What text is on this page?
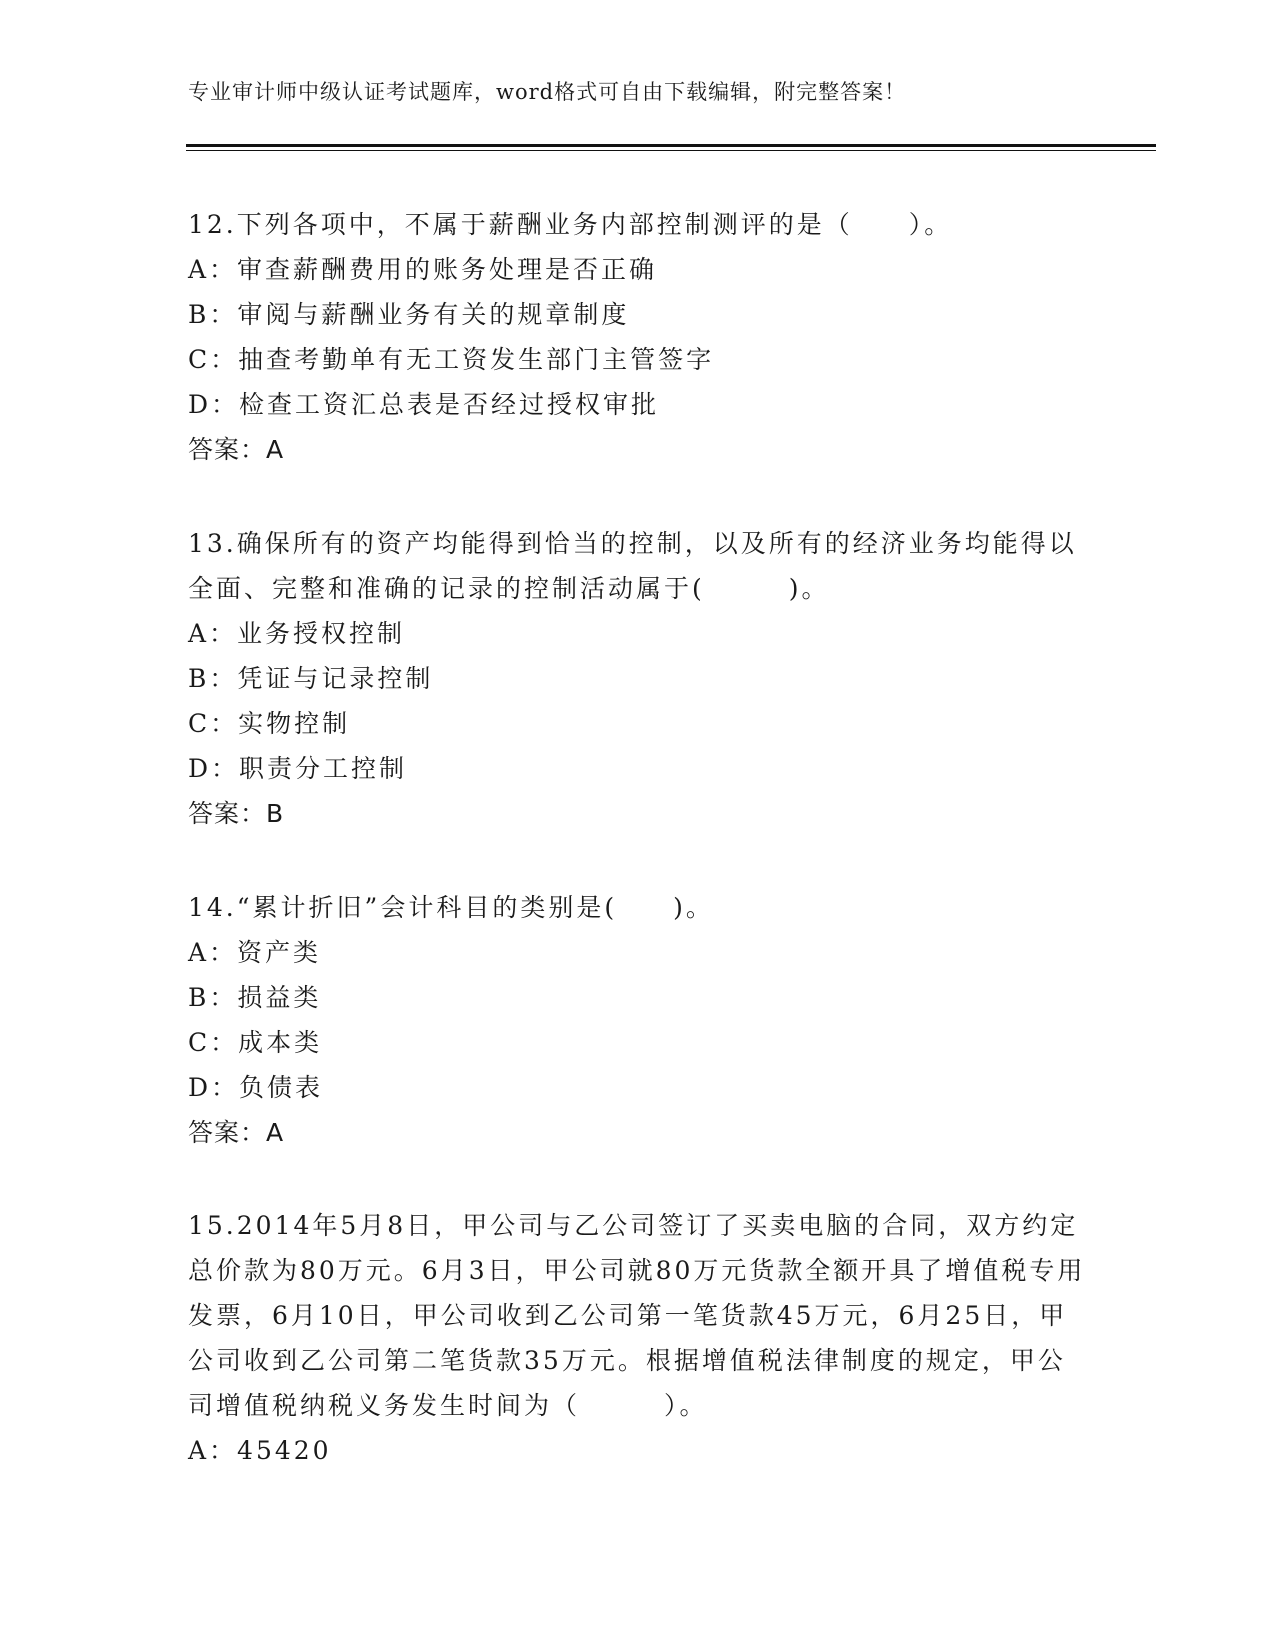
专业审计师中级认证考试题库，word格式可自由下载编辑，附完整答案！

12.下列各项中，不属于薪酬业务内部控制测评的是（　　）。

A：审查薪酬费用的账务处理是否正确

B：审阅与薪酬业务有关的规章制度

C：抽查考勤单有无工资发生部门主管签字

D：检查工资汇总表是否经过授权审批

答案：A

13.确保所有的资产均能得到恰当的控制，以及所有的经济业务均能得以全面、完整和准确的记录的控制活动属于(　　　)。

A：业务授权控制

B：凭证与记录控制

C：实物控制

D：职责分工控制

答案：B

14.“累计折旧”会计科目的类别是(　　)。

A：资产类

B：损益类

C：成本类

D：负债表

答案：A

15.2014年5月8日，甲公司与乙公司签订了买卖电脑的合同，双方约定总价款为80万元。6月3日，甲公司就80万元货款全额开具了增值税专用发票，6月10日，甲公司收到乙公司第一笔货款45万元，6月25日，甲公司收到乙公司第二笔货款35万元。根据增值税法律制度的规定，甲公司增值税纳税义务发生时间为（　　　）。

A：45420
